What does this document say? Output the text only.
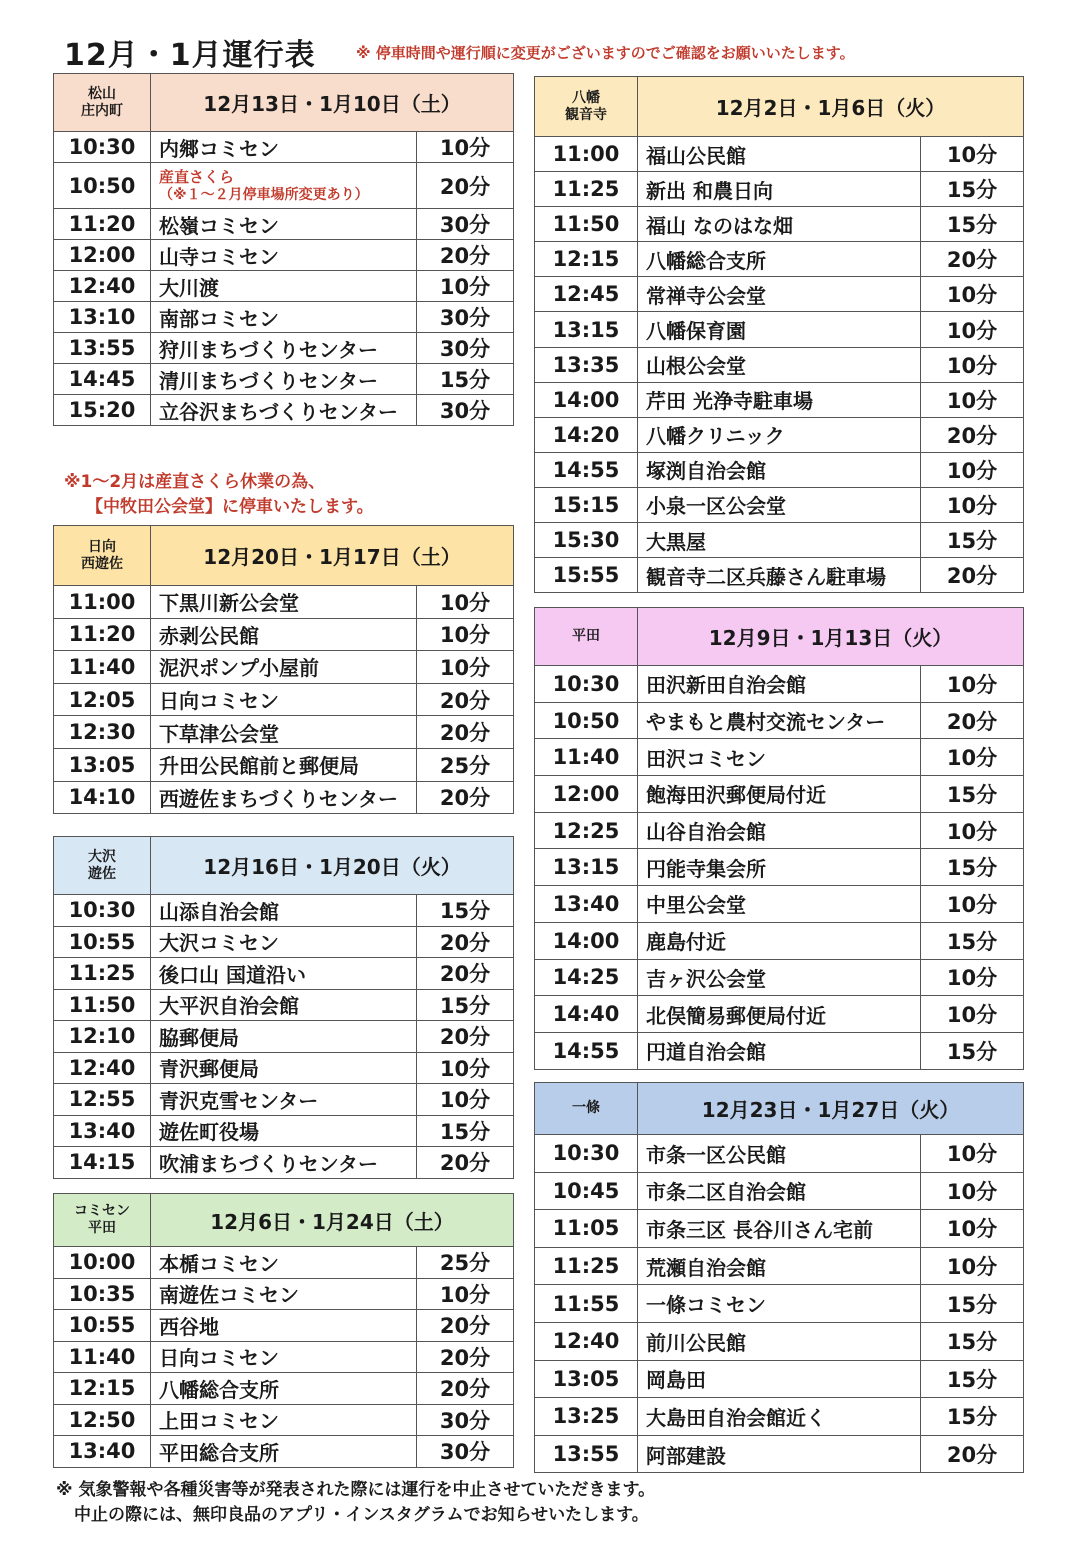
12月・1月運行表	※ 停車時間や運行順に変更がございますのでご確認をお願いいたします。
松山
庄内町	12月13日・1月10日（土）	
10:30	内郷コミセン	10分
10:50	産直さくら
（※１～２月停車場所変更あり）	20分
11:20	松嶺コミセン	30分
12:00	山寺コミセン	20分
12:40	大川渡	10分
13:10	南部コミセン	30分
13:55	狩川まちづくりセンター	30分
14:45	清川まちづくりセンター	15分
15:20	立谷沢まちづくりセンター	30分
※1～2月は産直さくら休業の為、
【中牧田公会堂】に停車いたします。
日向
西遊佐	12月20日・1月17日（土）	
11:00	下黒川新公会堂	10分
11:20	赤剥公民館	10分
11:40	泥沢ポンプ小屋前	10分
12:05	日向コミセン	20分
12:30	下草津公会堂	20分
13:05	升田公民館前と郵便局	25分
14:10	西遊佐まちづくりセンター	20分
大沢
遊佐	12月16日・1月20日（火）	
10:30	山添自治会館	15分
10:55	大沢コミセン	20分
11:25	後口山 国道沿い	20分
11:50	大平沢自治会館	15分
12:10	脇郵便局	20分
12:40	青沢郵便局	10分
12:55	青沢克雪センター	10分
13:40	遊佐町役場	15分
14:15	吹浦まちづくりセンター	20分
コミセン
平田	12月6日・1月24日（土）	
10:00	本楯コミセン	25分
10:35	南遊佐コミセン	10分
10:55	西谷地	20分
11:40	日向コミセン	20分
12:15	八幡総合支所	20分
12:50	上田コミセン	30分
13:40	平田総合支所	30分
八幡
観音寺	12月2日・1月6日（火）	
11:00	福山公民館	10分
11:25	新出 和農日向	15分
11:50	福山 なのはな畑	15分
12:15	八幡総合支所	20分
12:45	常禅寺公会堂	10分
13:15	八幡保育園	10分
13:35	山根公会堂	10分
14:00	芹田 光浄寺駐車場	10分
14:20	八幡クリニック	20分
14:55	塚渕自治会館	10分
15:15	小泉一区公会堂	10分
15:30	大黒屋	15分
15:55	観音寺二区兵藤さん駐車場	20分
平田	12月9日・1月13日（火）	
10:30	田沢新田自治会館	10分
10:50	やまもと農村交流センター	20分
11:40	田沢コミセン	10分
12:00	飽海田沢郵便局付近	15分
12:25	山谷自治会館	10分
13:15	円能寺集会所	15分
13:40	中里公会堂	10分
14:00	鹿島付近	15分
14:25	吉ヶ沢公会堂	10分
14:40	北俣簡易郵便局付近	10分
14:55	円道自治会館	15分
一條	12月23日・1月27日（火）	
10:30	市条一区公民館	10分
10:45	市条二区自治会館	10分
11:05	市条三区 長谷川さん宅前	10分
11:25	荒瀬自治会館	10分
11:55	一條コミセン	15分
12:40	前川公民館	15分
13:05	岡島田	15分
13:25	大島田自治会館近く	15分
13:55	阿部建設	20分
※ 気象警報や各種災害等が発表された際には運行を中止させていただきます。
中止の際には、無印良品のアプリ・インスタグラムでお知らせいたします。
